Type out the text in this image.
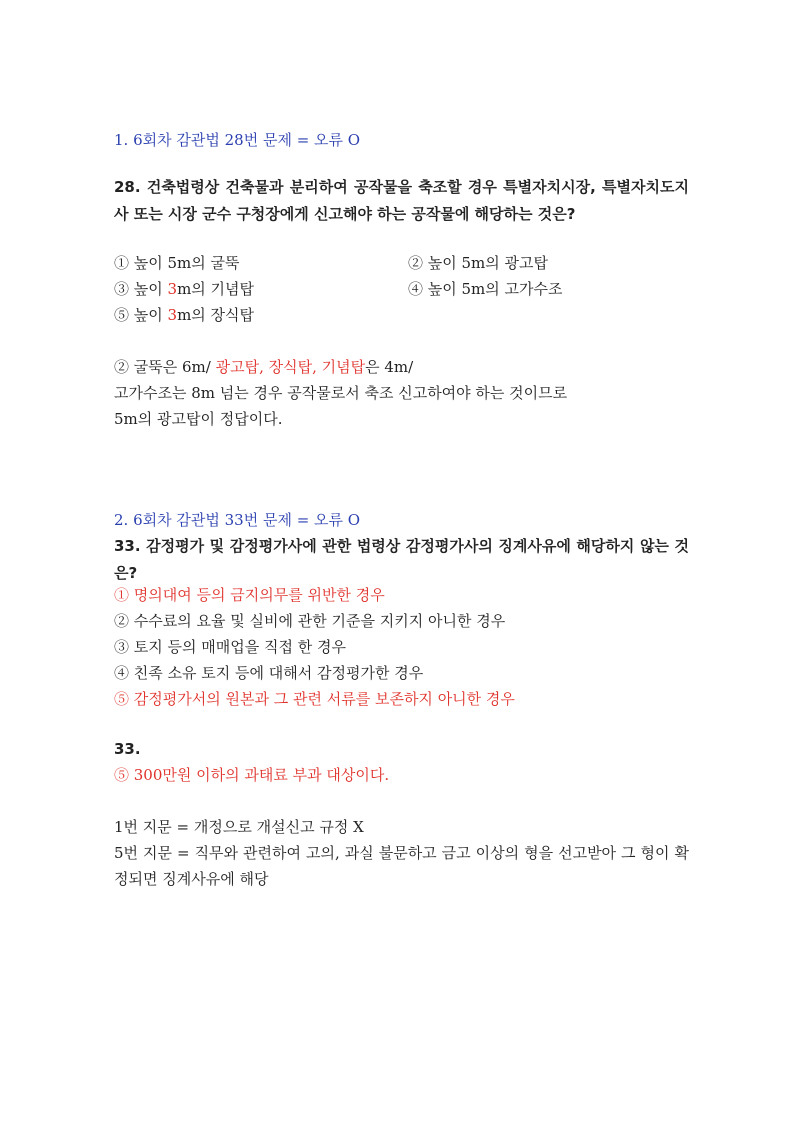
1. 6회차 감관법 28번 문제 = 오류 O
28. 건축법령상 건축물과 분리하여 공작물을 축조할 경우 특별자치시장, 특별자치도지사 또는 시장 군수 구청장에게 신고해야 하는 공작물에 해당하는 것은?
① 높이 5m의 굴뚝	② 높이 5m의 광고탑
③ 높이 3m의 기념탑	④ 높이 5m의 고가수조
⑤ 높이 3m의 장식탑
② 굴뚝은 6m/ 광고탑, 장식탑, 기념탑은 4m/
고가수조는 8m 넘는 경우 공작물로서 축조 신고하여야 하는 것이므로
5m의 광고탑이 정답이다.
2. 6회차 감관법 33번 문제 = 오류 O
33. 감정평가 및 감정평가사에 관한 법령상 감정평가사의 징계사유에 해당하지 않는 것은?
① 명의대여 등의 금지의무를 위반한 경우
② 수수료의 요율 및 실비에 관한 기준을 지키지 아니한 경우
③ 토지 등의 매매업을 직접 한 경우
④ 친족 소유 토지 등에 대해서 감정평가한 경우
⑤ 감정평가서의 원본과 그 관련 서류를 보존하지 아니한 경우
33.
⑤ 300만원 이하의 과태료 부과 대상이다.
1번 지문 = 개정으로 개설신고 규정 X
5번 지문 = 직무와 관련하여 고의, 과실 불문하고 금고 이상의 형을 선고받아 그 형이 확정되면 징계사유에 해당
